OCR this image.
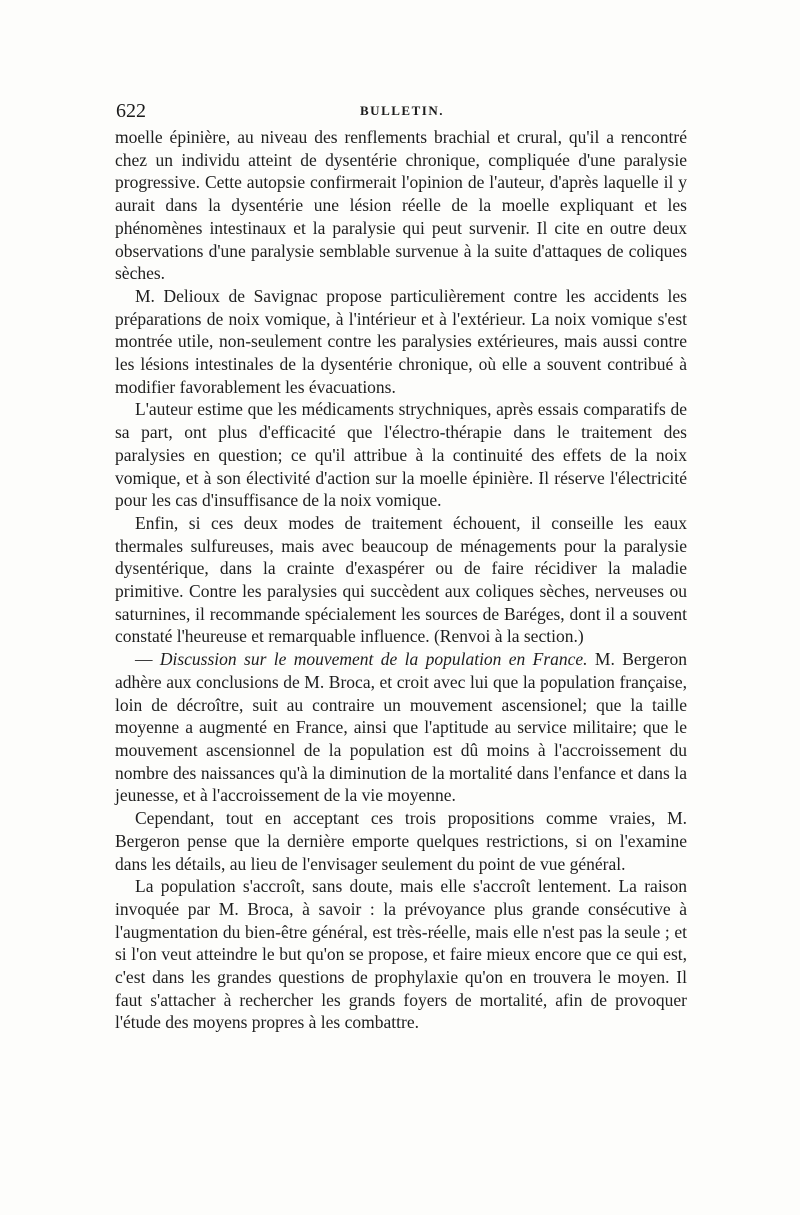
622	BULLETIN.

moelle épinière, au niveau des renflements brachial et crural, qu'il a rencontré chez un individu atteint de dysentérie chronique, compliquée d'une paralysie progressive. Cette autopsie confirmerait l'opinion de l'auteur, d'après laquelle il y aurait dans la dysentérie une lésion réelle de la moelle expliquant et les phénomènes intestinaux et la paralysie qui peut survenir. Il cite en outre deux observations d'une paralysie semblable survenue à la suite d'attaques de coliques sèches.

M. Delioux de Savignac propose particulièrement contre les accidents les préparations de noix vomique, à l'intérieur et à l'extérieur. La noix vomique s'est montrée utile, non-seulement contre les paralysies extérieures, mais aussi contre les lésions intestinales de la dysentérie chronique, où elle a souvent contribué à modifier favorablement les évacuations.

L'auteur estime que les médicaments strychniques, après essais comparatifs de sa part, ont plus d'efficacité que l'électro-thérapie dans le traitement des paralysies en question; ce qu'il attribue à la continuité des effets de la noix vomique, et à son électivité d'action sur la moelle épinière. Il réserve l'électricité pour les cas d'insuffisance de la noix vomique.

Enfin, si ces deux modes de traitement échouent, il conseille les eaux thermales sulfureuses, mais avec beaucoup de ménagements pour la paralysie dysentérique, dans la crainte d'exaspérer ou de faire récidiver la maladie primitive. Contre les paralysies qui succèdent aux coliques sèches, nerveuses ou saturnines, il recommande spécialement les sources de Baréges, dont il a souvent constaté l'heureuse et remarquable influence. (Renvoi à la section.)

— Discussion sur le mouvement de la population en France. M. Bergeron adhère aux conclusions de M. Broca, et croit avec lui que la population française, loin de décroître, suit au contraire un mouvement ascensionel; que la taille moyenne a augmenté en France, ainsi que l'aptitude au service militaire; que le mouvement ascensionnel de la population est dû moins à l'accroissement du nombre des naissances qu'à la diminution de la mortalité dans l'enfance et dans la jeunesse, et à l'accroissement de la vie moyenne.

Cependant, tout en acceptant ces trois propositions comme vraies, M. Bergeron pense que la dernière emporte quelques restrictions, si on l'examine dans les détails, au lieu de l'envisager seulement du point de vue général.

La population s'accroît, sans doute, mais elle s'accroît lentement. La raison invoquée par M. Broca, à savoir : la prévoyance plus grande consécutive à l'augmentation du bien-être général, est très-réelle, mais elle n'est pas la seule ; et si l'on veut atteindre le but qu'on se propose, et faire mieux encore que ce qui est, c'est dans les grandes questions de prophylaxie qu'on en trouvera le moyen. Il faut s'attacher à rechercher les grands foyers de mortalité, afin de provoquer l'étude des moyens propres à les combattre.
